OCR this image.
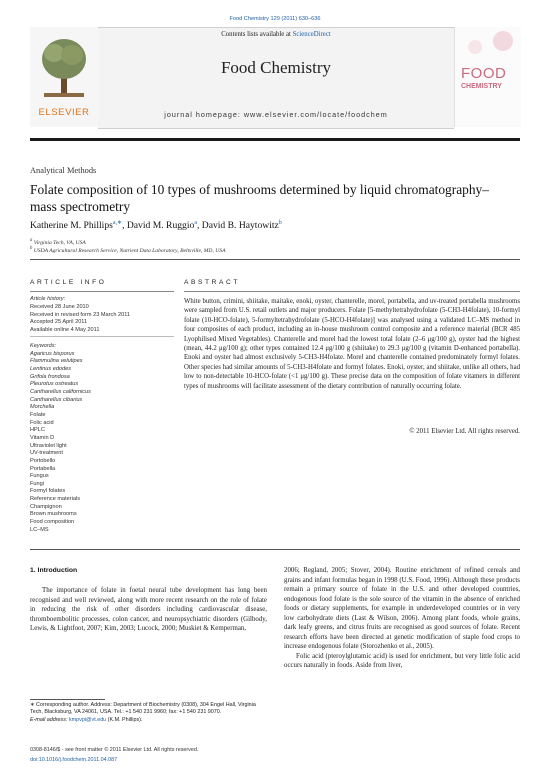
Food Chemistry 129 (2011) 630–636
ELSEVIER
Contents lists available at ScienceDirect
Food Chemistry
journal homepage: www.elsevier.com/locate/foodchem
FOOD
CHEMISTRY
Analytical Methods
Folate composition of 10 types of mushrooms determined by liquid chromatography–mass spectrometry
Katherine M. Phillips$^{a,∗}$, David M. Ruggio$^a$, David B. Haytowitz$^b$
$^a$ Virginia Tech, VA, USA
$^b$ USDA Agricultural Research Service, Nutrient Data Laboratory, Beltsville, MD, USA
ARTICLE INFO	ABSTRACT
Article history:
Received 28 June 2010
Received in revised form 23 March 2011
Accepted 25 April 2011
Available online 4 May 2011
Keywords:
Agaricus bisporus
Flammulina velutipes
Lentinus edodes
Grifola frondosa
Pleurotus ostreatus
Cantharellus californicus
Cantharellus cibarius
Morchella
Folate
Folic acid
HPLC
Vitamin D
Ultraviolet light
UV-treatment
Portobello
Portabella
Fungus
Fungi
Formyl folates
Reference materials
Champignon
Brown mushrooms
Food composition
LC–MS
White button, crimini, shiitake, maitake, enoki, oyster, chanterelle, morel, portabella, and uv-treated portabella mushrooms were sampled from U.S. retail outlets and major producers. Folate [5-methyltetrahydrofolate (5-CH3-H4folate), 10-formyl folate (10-HCO-folate), 5-formyltetrahydrofolate (5-HCO-H4folate)] was analysed using a validated LC–MS method in four composites of each product, including an in-house mushroom control composite and a reference material (BCR 485 Lyophilised Mixed Vegetables). Chanterelle and morel had the lowest total folate (2–6 μg/100 g), oyster had the highest (mean, 44.2 μg/100 g); other types contained 12.4 μg/100 g (shiitake) to 29.3 μg/100 g (vitamin D-enhanced portabella). Enoki and oyster had almost exclusively 5-CH3-H4folate. Morel and chanterelle contained predominately formyl folates. Other species had similar amounts of 5-CH3-H4folate and formyl folates. Enoki, oyster, and shiitake, unlike all others, had low to non-detectable 10-HCO-folate (<1 μg/100 g). These precise data on the composition of folate vitamers in different types of mushrooms will facilitate assessment of the dietary contribution of naturally occurring folate.
© 2011 Elsevier Ltd. All rights reserved.
1. Introduction
The importance of folate in foetal neural tube development has long been recognised and well reviewed, along with more recent research on the role of folate in reducing the risk of other disorders including cardiovascular disease, thromboembolitic processes, colon cancer, and neuropsychiatric disorders (Gilbody, Lewis, & Lightfoot, 2007; Kim, 2003; Lucock, 2000; Muskiet & Kemperman,
2006; Regland, 2005; Stover, 2004). Routine enrichment of refined cereals and grains and infant formulas began in 1998 (U.S. Food, 1996). Although these products remain a primary source of folate in the U.S. and other developed countries, endogenous food folate is the sole source of the vitamin in the absence of enriched foods or dietary supplements, for example in underdeveloped countries or in very low carbohydrate diets (Last & Wilson, 2006). Among plant foods, whole grains, dark leafy greens, and citrus fruits are recognised as good sources of folate. Recent research efforts have been directed at genetic modification of staple food crops to increase endogenous folate (Storozhenko et al., 2005).
Folic acid (pteroylglutamic acid) is used for enrichment, but very little folic acid occurs naturally in foods. Aside from liver,
∗ Corresponding author. Address: Department of Biochemistry (0308), 304 Engel Hall, Virginia Tech, Blacksburg, VA 24061, USA. Tel.: +1 540 231 9960; fax: +1 540 231 9070.
E-mail address: kmpvpi@vt.edu (K.M. Phillips).
0308-8146/$ - see front matter © 2011 Elsevier Ltd. All rights reserved.
doi:10.1016/j.foodchem.2011.04.087
